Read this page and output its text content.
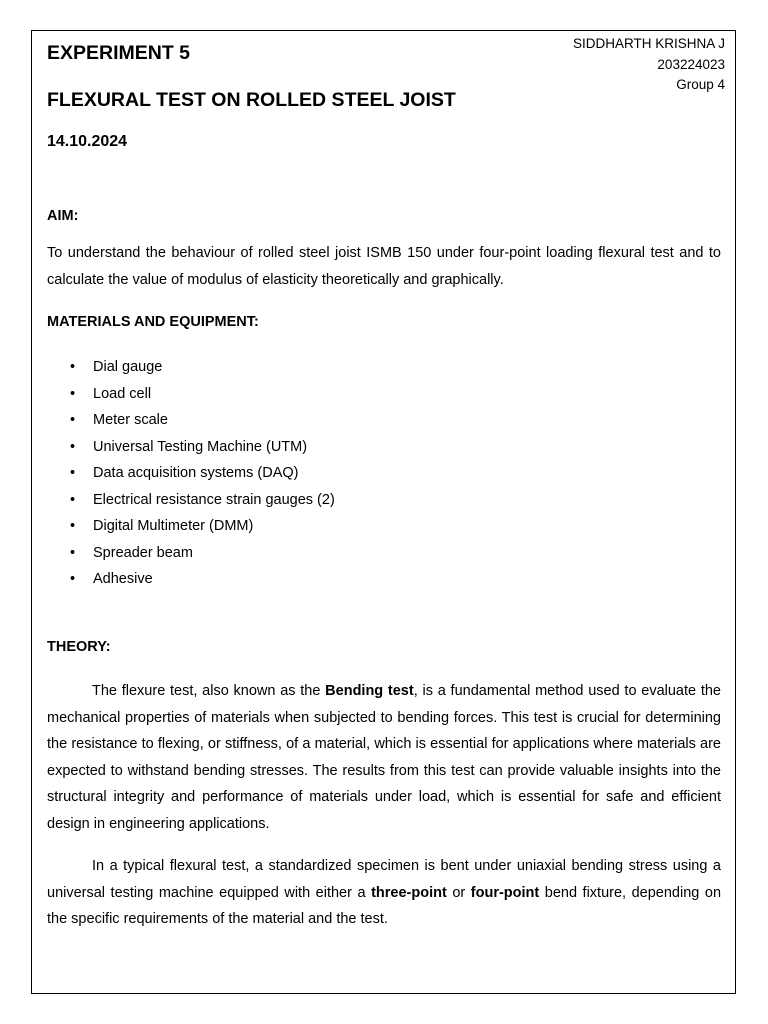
SIDDHARTH KRISHNA J
203224023
Group 4
EXPERIMENT 5
FLEXURAL TEST ON ROLLED STEEL JOIST
14.10.2024
AIM:

To understand the behaviour of rolled steel joist ISMB 150 under four-point loading flexural test and to calculate the value of modulus of elasticity theoretically and graphically.

MATERIALS AND EQUIPMENT:
• Dial gauge
• Load cell
• Meter scale
• Universal Testing Machine (UTM)
• Data acquisition systems (DAQ)
• Electrical resistance strain gauges (2)
• Digital Multimeter (DMM)
• Spreader beam
• Adhesive
THEORY:

The flexure test, also known as the Bending test, is a fundamental method used to evaluate the mechanical properties of materials when subjected to bending forces. This test is crucial for determining the resistance to flexing, or stiffness, of a material, which is essential for applications where materials are expected to withstand bending stresses. The results from this test can provide valuable insights into the structural integrity and performance of materials under load, which is essential for safe and efficient design in engineering applications.

In a typical flexural test, a standardized specimen is bent under uniaxial bending stress using a universal testing machine equipped with either a three-point or four-point bend fixture, depending on the specific requirements of the material and the test.
